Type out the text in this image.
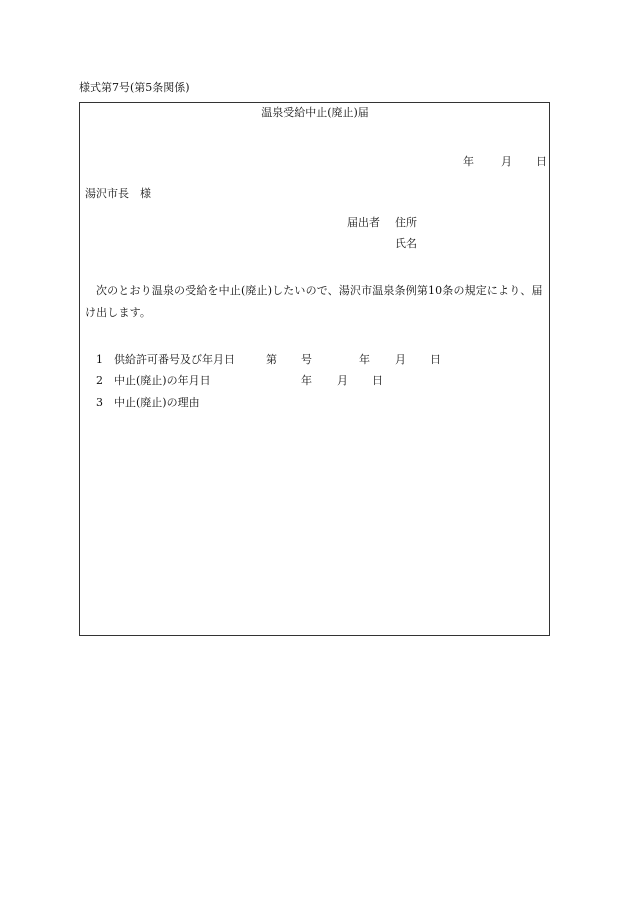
様式第7号(第5条関係)
温泉受給中止(廃止)届
年 月 日
湯沢市長　様
届出者 住所
氏名
次のとおり温泉の受給を中止(廃止)したいので、湯沢市温泉条例第10条の規定により、届け出します。
1 供給許可番号及び年月日	第 号	年 月 日
2 中止(廃止)の年月日	年 月 日
3 中止(廃止)の理由
